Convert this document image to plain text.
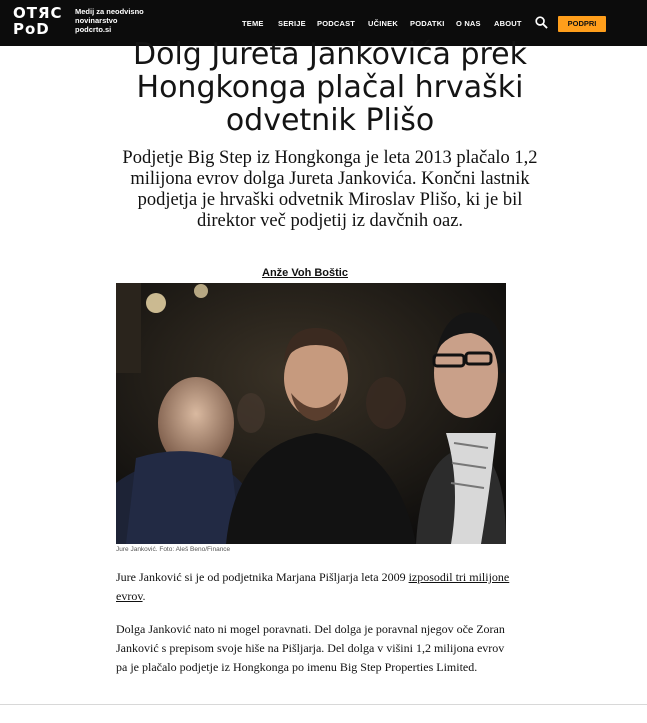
OTЯC
PoD
Medij za neodvisno novinarstvo
podcrto.si
TEME SERIJE PODCAST UČINEK PODATKI O NAS ABOUT	PODPRI
Dolg Jureta Jankovića prek Hongkonga plačal hrvaški odvetnik Plišo

Podjetje Big Step iz Hongkonga je leta 2013 plačalo 1,2 milijona evrov dolga Jureta Jankovića. Končni lastnik podjetja je hrvaški odvetnik Miroslav Plišo, ki je bil direktor več podjetij iz davčnih oaz.

Anže Voh Boštic
Jure Janković. Foto: Aleš Beno/Finance

Jure Janković si je od podjetnika Marjana Pišljarja leta 2009 izposodil tri milijone evrov.

Dolga Janković nato ni mogel poravnati. Del dolga je poravnal njegov oče Zoran Janković s prepisom svoje hiše na Pišljarja. Del dolga v višini 1,2 milijona evrov pa je plačalo podjetje iz Hongkonga po imenu Big Step Properties Limited.
